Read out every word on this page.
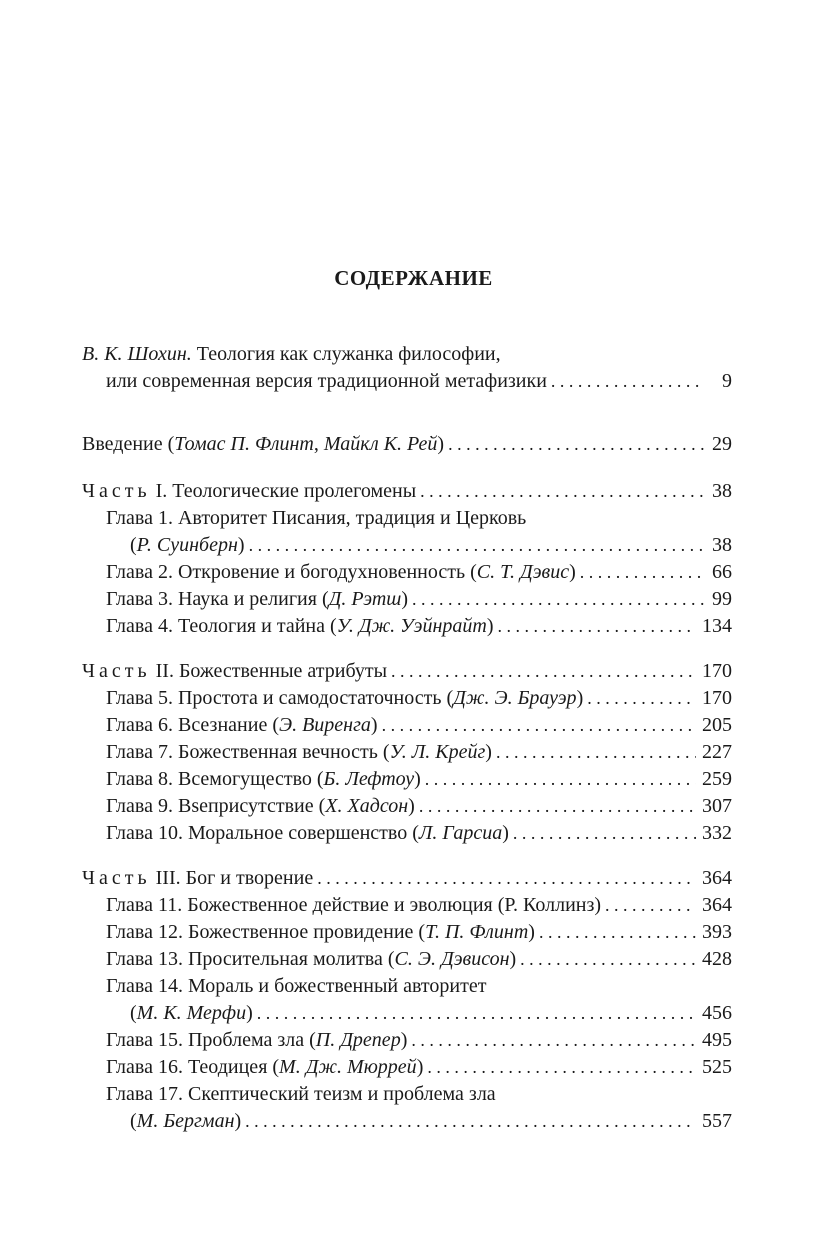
СОДЕРЖАНИЕ
В. К. Шохин. Теология как служанка философии,
или современная версия традиционной метафизики . . .	9
Введение (Томас П. Флинт, Майкл К. Рей) . . .	29
Часть I. Теологические пролегомены . . .	38
Глава 1. Авторитет Писания, традиция и Церковь
(Р. Суинберн) . . .	38
Глава 2. Откровение и богодухновенность (С. Т. Дэвис) . . .	66
Глава 3. Наука и религия (Д. Рэтш) . . .	99
Глава 4. Теология и тайна (У. Дж. Уэйнрайт) . . .	134
Часть II. Божественные атрибуты . . .	170
Глава 5. Простота и самодостаточность (Дж. Э. Брауэр) . . .	170
Глава 6. Всезнание (Э. Виренга) . . .	205
Глава 7. Божественная вечность (У. Л. Крейг) . . .	227
Глава 8. Всемогущество (Б. Лефтоу) . . .	259
Глава 9. Вseприсутствие (Х. Хадсон) . . .	307
Глава 10. Моральное совершенство (Л. Гарсиа) . . .	332
Часть III. Бог и творение . . .	364
Глава 11. Божественное действие и эволюция (Р. Коллинз) . . .	364
Глава 12. Божественное провидение (Т. П. Флинт) . . .	393
Глава 13. Просительная молитва (С. Э. Дэвисон) . . .	428
Глава 14. Мораль и божественный авторитет
(М. К. Мерфи) . . .	456
Глава 15. Проблема зла (П. Дрепер) . . .	495
Глава 16. Теодицея (М. Дж. Мюррей) . . .	525
Глава 17. Скептический теизм и проблема зла
(М. Бергман) . . .	557
